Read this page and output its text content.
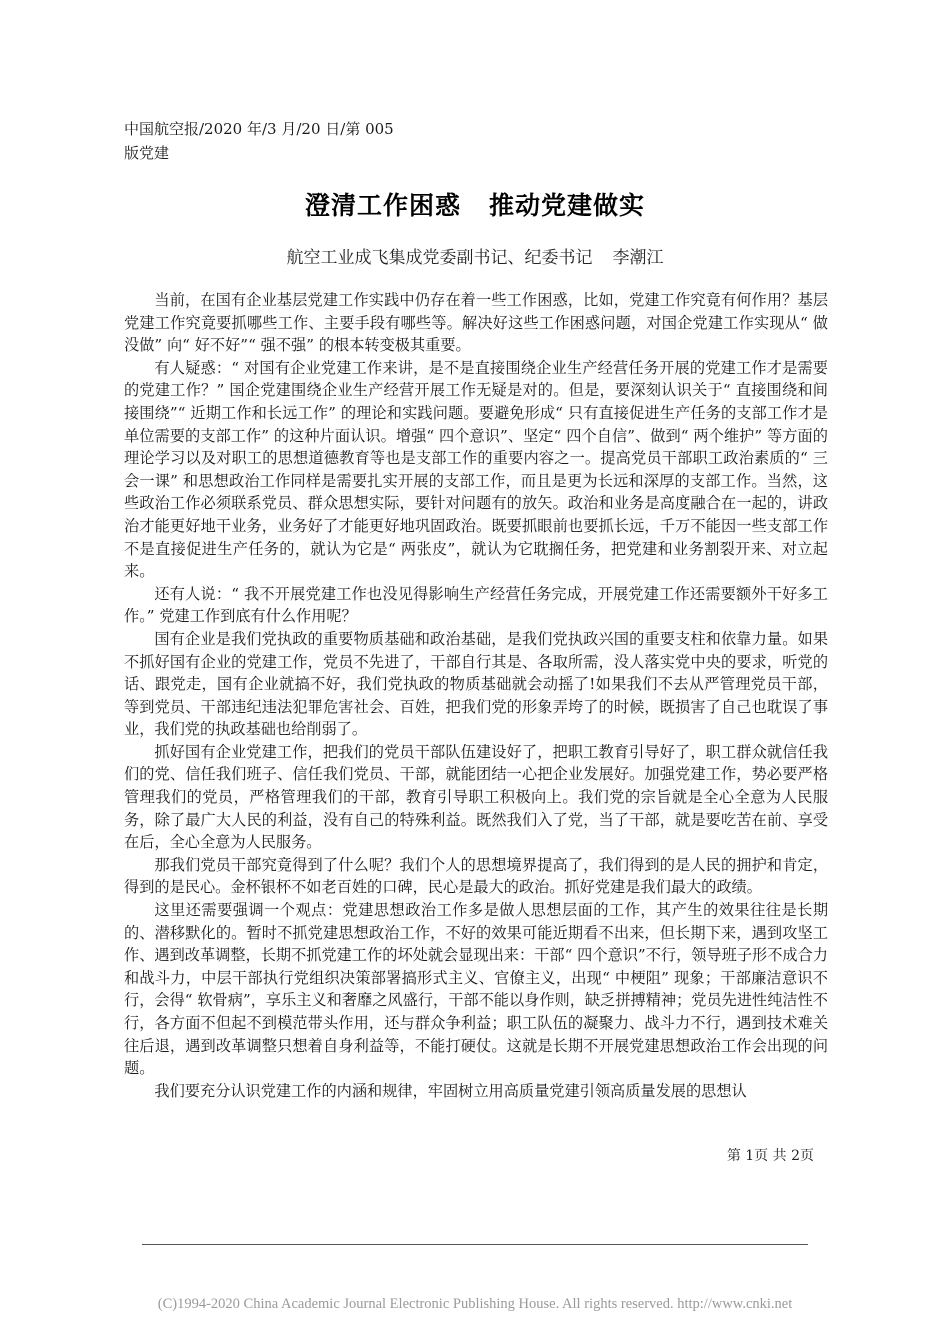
中国航空报/2020 年/3 月/20 日/第 005
版党建
澄清工作困惑 推动党建做实
航空工业成飞集成党委副书记、纪委书记 李潮江

当前，在国有企业基层党建工作实践中仍存在着一些工作困惑，比如，党建工作究竟有何作用？基层党建工作究竟要抓哪些工作、主要手段有哪些等。解决好这些工作困惑问题，对国企党建工作实现从“ 做没做” 向“ 好不好”“ 强不强” 的根本转变极其重要。

有人疑惑：“ 对国有企业党建工作来讲，是不是直接围绕企业生产经营任务开展的党建工作才是需要的党建工作？” 国企党建围绕企业生产经营开展工作无疑是对的。但是，要深刻认识关于“ 直接围绕和间接围绕”“ 近期工作和长远工作” 的理论和实践问题。要避免形成“ 只有直接促进生产任务的支部工作才是单位需要的支部工作” 的这种片面认识。增强“ 四个意识”、坚定“ 四个自信”、做到“ 两个维护” 等方面的理论学习以及对职工的思想道德教育等也是支部工作的重要内容之一。提高党员干部职工政治素质的“ 三会一课” 和思想政治工作同样是需要扎实开展的支部工作，而且是更为长远和深厚的支部工作。当然，这些政治工作必须联系党员、群众思想实际，要针对问题有的放矢。政治和业务是高度融合在一起的，讲政治才能更好地干业务，业务好了才能更好地巩固政治。既要抓眼前也要抓长远，千万不能因一些支部工作不是直接促进生产任务的，就认为它是“ 两张皮”，就认为它耽搁任务，把党建和业务割裂开来、对立起来。

还有人说：“ 我不开展党建工作也没见得影响生产经营任务完成，开展党建工作还需要额外干好多工作。” 党建工作到底有什么作用呢？

国有企业是我们党执政的重要物质基础和政治基础，是我们党执政兴国的重要支柱和依靠力量。如果不抓好国有企业的党建工作，党员不先进了，干部自行其是、各取所需，没人落实党中央的要求，听党的话、跟党走，国有企业就搞不好，我们党执政的物质基础就会动摇了!如果我们不去从严管理党员干部，等到党员、干部违纪违法犯罪危害社会、百姓，把我们党的形象弄垮了的时候，既损害了自己也耽误了事业，我们党的执政基础也给削弱了。

抓好国有企业党建工作，把我们的党员干部队伍建设好了，把职工教育引导好了，职工群众就信任我们的党、信任我们班子、信任我们党员、干部，就能团结一心把企业发展好。加强党建工作，势必要严格管理我们的党员，严格管理我们的干部，教育引导职工积极向上。我们党的宗旨就是全心全意为人民服务，除了最广大人民的利益，没有自己的特殊利益。既然我们入了党，当了干部，就是要吃苦在前、享受在后，全心全意为人民服务。

那我们党员干部究竟得到了什么呢？我们个人的思想境界提高了，我们得到的是人民的拥护和肯定，得到的是民心。金杯银杯不如老百姓的口碑，民心是最大的政治。抓好党建是我们最大的政绩。

这里还需要强调一个观点：党建思想政治工作多是做人思想层面的工作，其产生的效果往往是长期的、潜移默化的。暂时不抓党建思想政治工作，不好的效果可能近期看不出来，但长期下来，遇到攻坚工作、遇到改革调整，长期不抓党建工作的坏处就会显现出来：干部“ 四个意识”不行，领导班子形不成合力和战斗力，中层干部执行党组织决策部署搞形式主义、官僚主义，出现“ 中梗阻” 现象；干部廉洁意识不行，会得“ 软骨病”，享乐主义和奢靡之风盛行，干部不能以身作则，缺乏拼搏精神；党员先进性纯洁性不行，各方面不但起不到模范带头作用，还与群众争利益；职工队伍的凝聚力、战斗力不行，遇到技术难关往后退，遇到改革调整只想着自身利益等，不能打硬仗。这就是长期不开展党建思想政治工作会出现的问题。

我们要充分认识党建工作的内涵和规律，牢固树立用高质量党建引领高质量发展的思想认

第 1页 共 2页
(C)1994-2020 China Academic Journal Electronic Publishing House. All rights reserved. http://www.cnki.net
